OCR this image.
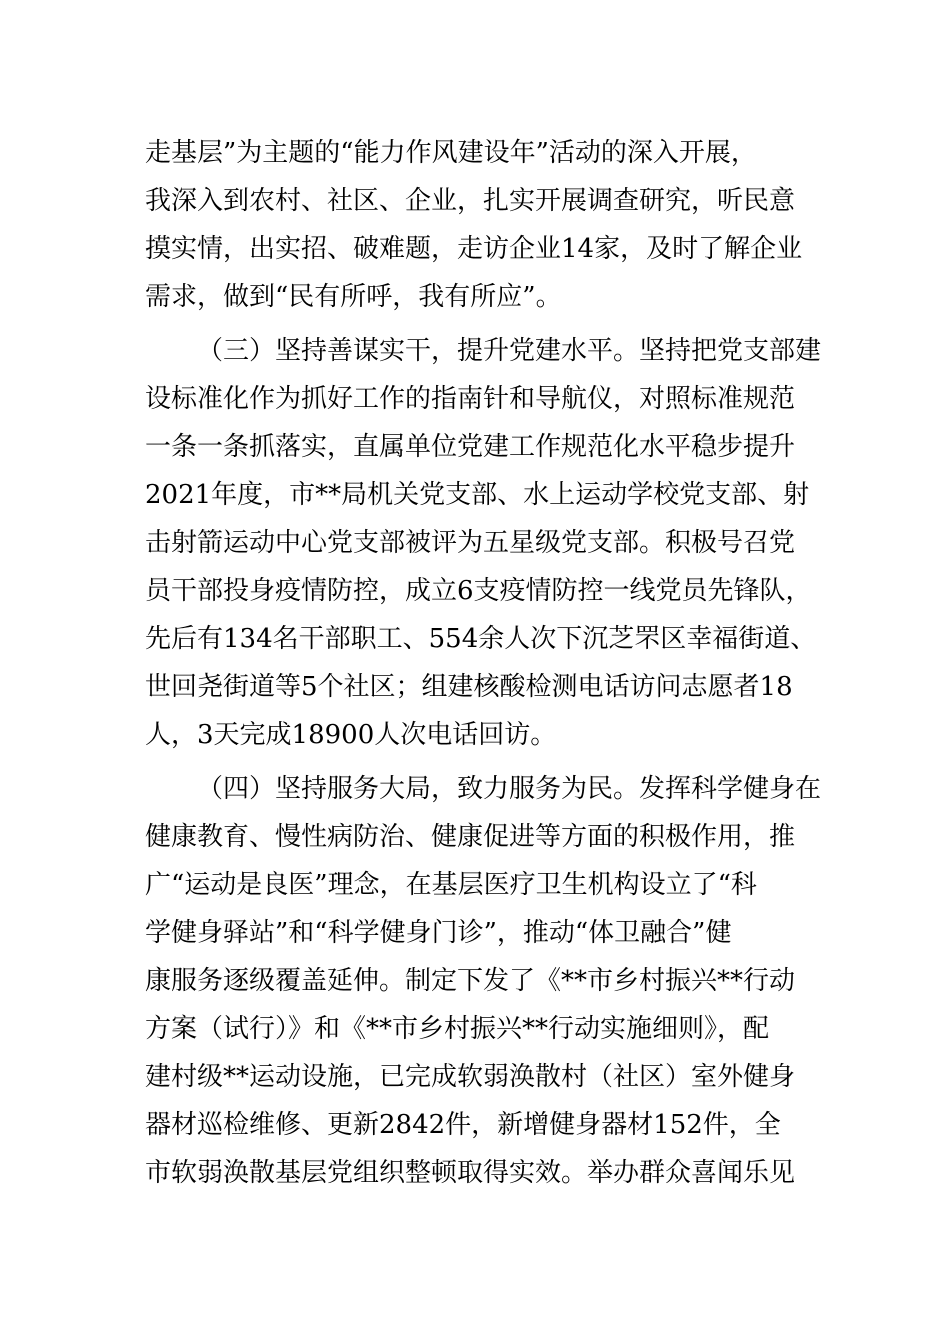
走基层”为主题的“能力作风建设年”活动的深入开展，
我深入到农村、社区、企业，扎实开展调查研究，听民意
摸实情，出实招、破难题，走访企业14家，及时了解企业
需求，做到“民有所呼，我有所应”。
（三）坚持善谋实干，提升党建水平。坚持把党支部建
设标准化作为抓好工作的指南针和导航仪，对照标准规范
一条一条抓落实，直属单位党建工作规范化水平稳步提升
2021年度，市**局机关党支部、水上运动学校党支部、射
击射箭运动中心党支部被评为五星级党支部。积极号召党
员干部投身疫情防控，成立6支疫情防控一线党员先锋队，
先后有134名干部职工、554余人次下沉芝罘区幸福街道、
世回尧街道等5个社区；组建核酸检测电话访问志愿者18
人，3天完成18900人次电话回访。
（四）坚持服务大局，致力服务为民。发挥科学健身在
健康教育、慢性病防治、健康促进等方面的积极作用，推
广“运动是良医”理念，在基层医疗卫生机构设立了“科
学健身驿站”和“科学健身门诊”，推动“体卫融合”健
康服务逐级覆盖延伸。制定下发了《**市乡村振兴**行动
方案（试行）》和《**市乡村振兴**行动实施细则》，配
建村级**运动设施，已完成软弱涣散村（社区）室外健身
器材巡检维修、更新2842件，新增健身器材152件，全
市软弱涣散基层党组织整顿取得实效。举办群众喜闻乐见
